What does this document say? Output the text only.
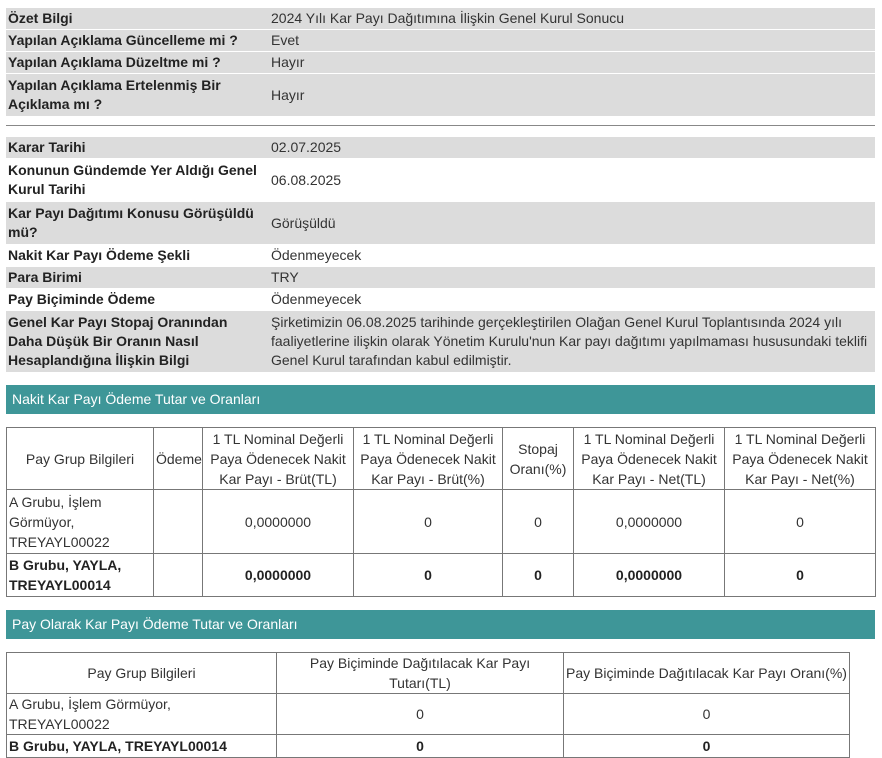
Özet Bilgi	2024 Yılı Kar Payı Dağıtımına İlişkin Genel Kurul Sonucu
Yapılan Açıklama Güncelleme mi ?	Evet
Yapılan Açıklama Düzeltme mi ?	Hayır
Yapılan Açıklama Ertelenmiş Bir Açıklama mı ?	Hayır
Karar Tarihi	02.07.2025
Konunun Gündemde Yer Aldığı Genel Kurul Tarihi	06.08.2025
Kar Payı Dağıtımı Konusu Görüşüldü mü?	Görüşüldü
Nakit Kar Payı Ödeme Şekli	Ödenmeyecek
Para Birimi	TRY
Pay Biçiminde Ödeme	Ödenmeyecek
Genel Kar Payı Stopaj Oranından Daha Düşük Bir Oranın Nasıl Hesaplandığına İlişkin Bilgi	Şirketimizin 06.08.2025 tarihinde gerçekleştirilen Olağan Genel Kurul Toplantısında 2024 yılı faaliyetlerine ilişkin olarak Yönetim Kurulu'nun Kar payı dağıtımı yapılmaması hususundaki teklifi Genel Kurul tarafından kabul edilmiştir.
Nakit Kar Payı Ödeme Tutar ve Oranları
Pay Grup Bilgileri	Ödeme	1 TL Nominal Değerli Paya Ödenecek Nakit Kar Payı - Brüt(TL)	1 TL Nominal Değerli Paya Ödenecek Nakit Kar Payı - Brüt(%)	Stopaj Oranı(%)	1 TL Nominal Değerli Paya Ödenecek Nakit Kar Payı - Net(TL)	1 TL Nominal Değerli Paya Ödenecek Nakit Kar Payı - Net(%)
A Grubu, İşlem Görmüyor, TREYAYL00022		0,0000000	0	0	0,0000000	0
B Grubu, YAYLA, TREYAYL00014		0,0000000	0	0	0,0000000	0
Pay Olarak Kar Payı Ödeme Tutar ve Oranları
Pay Grup Bilgileri	Pay Biçiminde Dağıtılacak Kar Payı Tutarı(TL)	Pay Biçiminde Dağıtılacak Kar Payı Oranı(%)
A Grubu, İşlem Görmüyor, TREYAYL00022	0	0
B Grubu, YAYLA, TREYAYL00014	0	0
